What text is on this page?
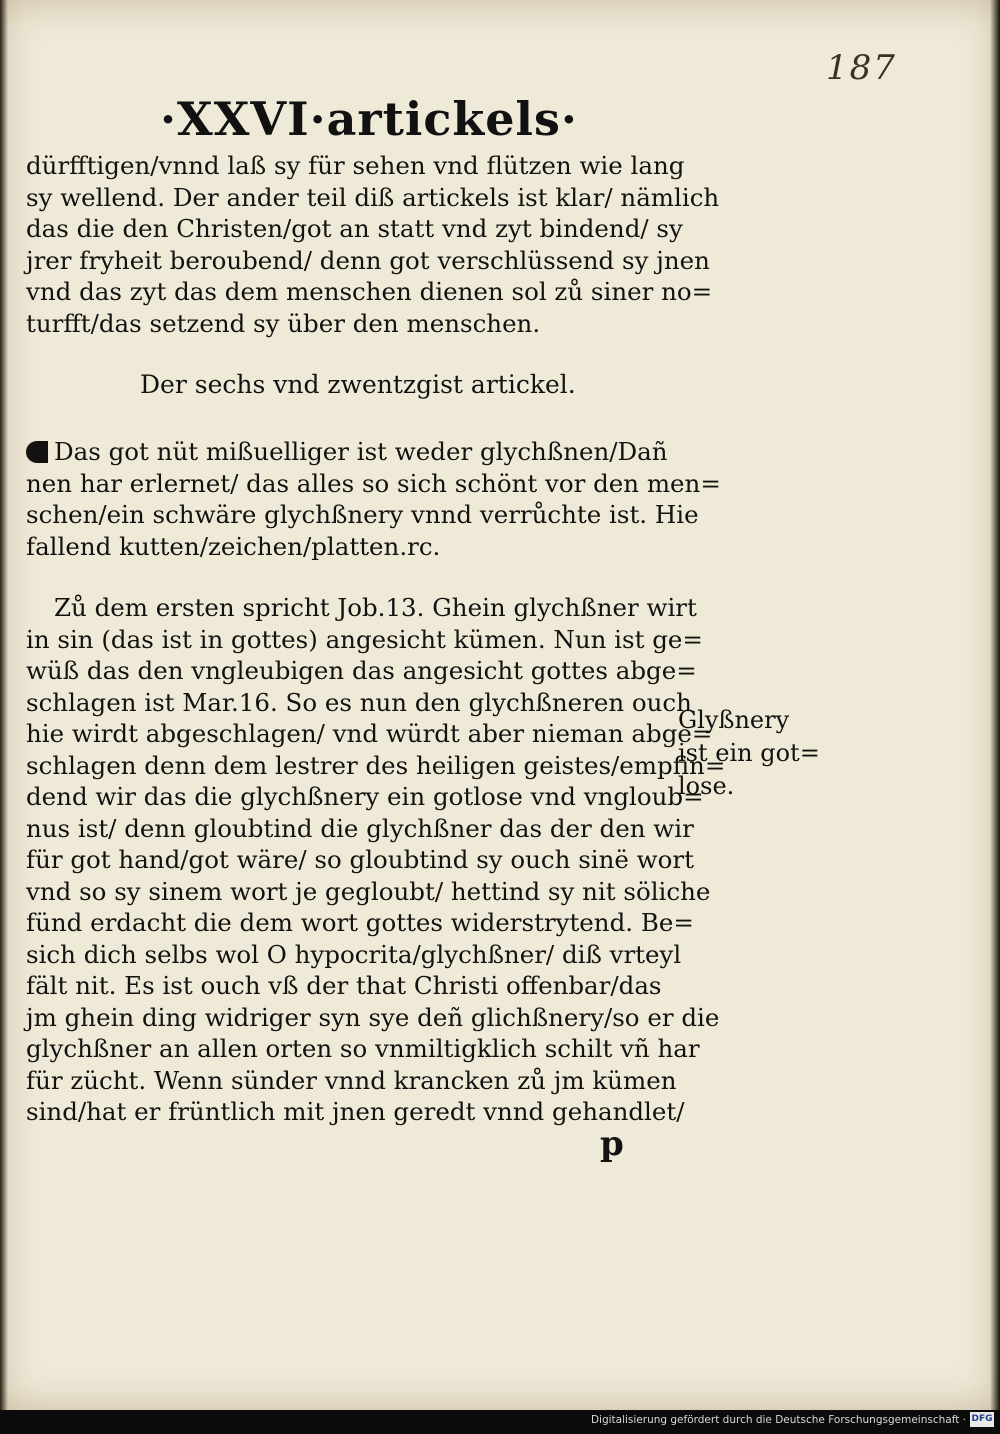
187
·XXVI·artickels·
dürfftigen/vnnd laß sy für sehen vnd flützen wie lang
sy wellend. Der ander teil diß artickels ist klar/ nämlich
das die den Christen/got an statt vnd zyt bindend/ sy
jrer fryheit beroubend/ denn got verschlüssend sy jnen
vnd das zyt das dem menschen dienen sol zů siner no=
turfft/das setzend sy über den menschen.
Der sechs vnd zwentzgist artickel.
Das got nüt mißuelliger ist weder glychßnen/Dañ
nen har erlernet/ das alles so sich schönt vor den men=
schen/ein schwäre glychßnery vnnd verrůchte ist. Hie
fallend kutten/zeichen/platten.rc.
Zů dem ersten spricht Job.13. Ghein glychßner wirt
in sin (das ist in gottes) angesicht kümen. Nun ist ge=
wüß das den vngleubigen das angesicht gottes abge=
schlagen ist Mar.16. So es nun den glychßneren ouch
hie wirdt abgeschlagen/ vnd würdt aber nieman abge=
schlagen denn dem lestrer des heiligen geistes/empfin=
dend wir das die glychßnery ein gotlose vnd vngloub=
nus ist/ denn gloubtind die glychßner das der den wir
für got hand/got wäre/ so gloubtind sy ouch sinë wort
vnd so sy sinem wort je gegloubt/ hettind sy nit söliche
fünd erdacht die dem wort gottes widerstrytend. Be=
sich dich selbs wol O hypocrita/glychßner/ diß vrteyl
fält nit. Es ist ouch vß der that Christi offenbar/das
jm ghein ding widriger syn sye deñ glichßnery/so er die
glychßner an allen orten so vnmiltigklich schilt vñ har
für zücht. Wenn sünder vnnd krancken zů jm kümen
sind/hat er früntlich mit jnen geredt vnnd gehandlet/
Glyßnery
ist ein got=
lose.
p
Digitalisierung gefördert durch die Deutsche Forschungsgemeinschaft · DFG
